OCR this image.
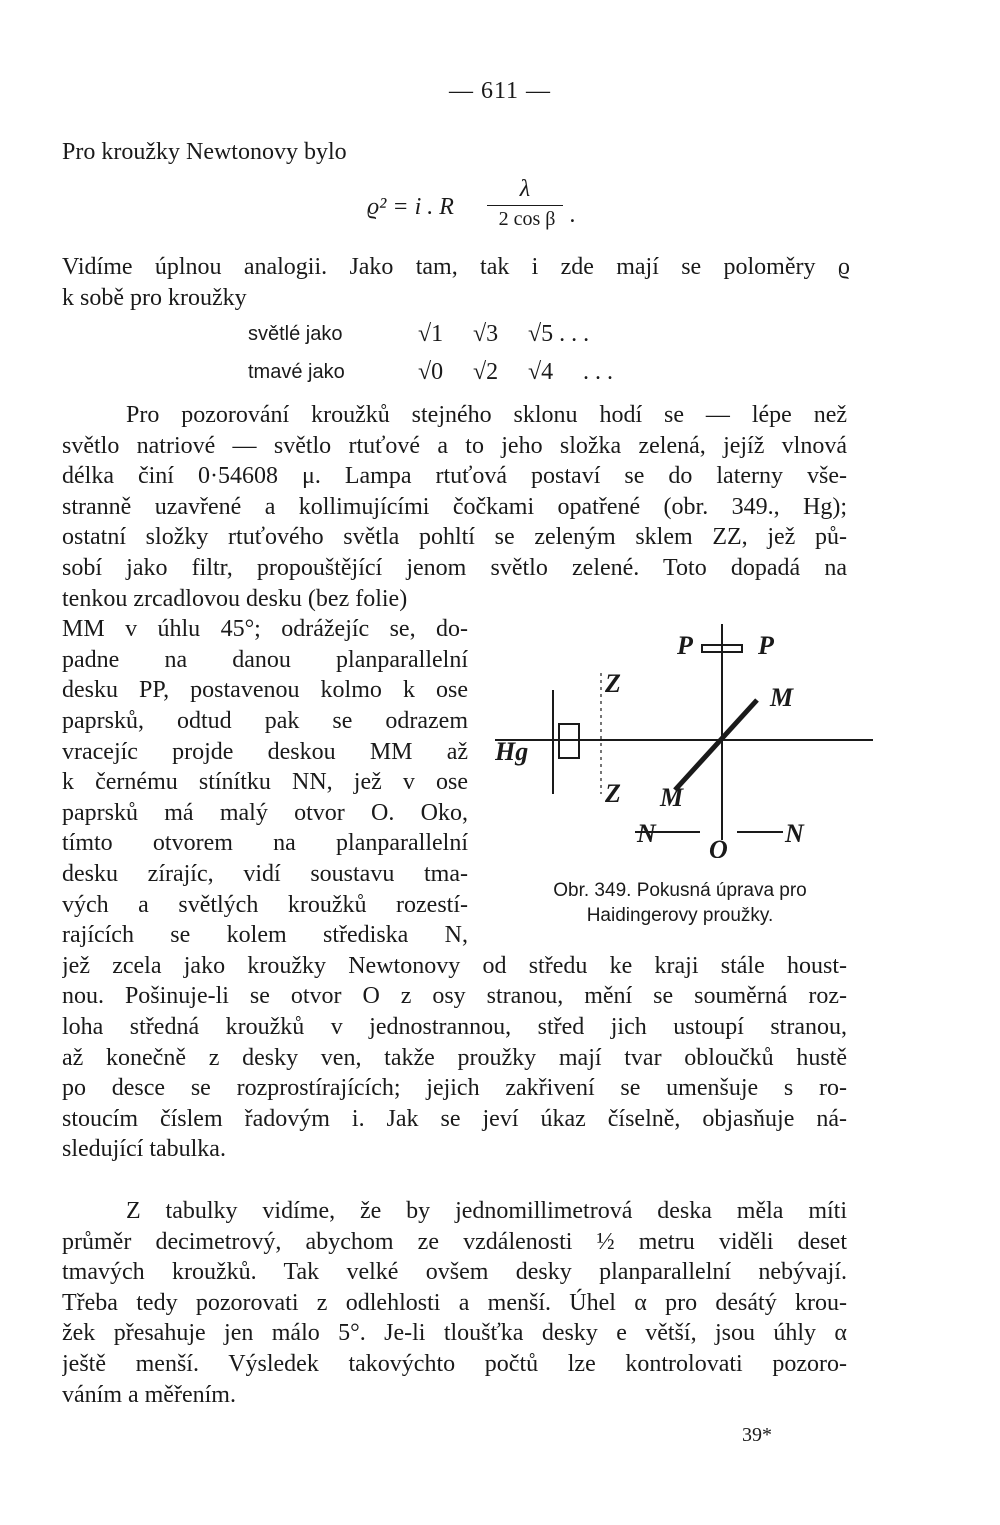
— 611 —
Pro kroužky Newtonovy bylo
ϱ² = i . R
λ
2 cos β .
Vidíme úplnou analogii. Jako tam, tak i zde mají se poloměry ϱ
k sobě pro kroužky
světlé jako	√1	√3	√5 . . .
tmavé jako	√0	√2	√4	. . .
Pro pozorování kroužků stejného sklonu hodí se — lépe než
světlo natriové — světlo rtuťové a to jeho složka zelená, jejíž vlnová
délka činí 0·54608 μ. Lampa rtuťová postaví se do laterny vše-
stranně uzavřené a kollimujícími čočkami opatřené (obr. 349., Hg);
ostatní složky rtuťového světla pohltí se zeleným sklem ZZ, jež pů-
sobí jako filtr, propouštějící jenom světlo zelené. Toto dopadá na
tenkou zrcadlovou desku (bez folie)
MM v úhlu 45°; odrážejíc se, do-
padne na danou planparallelní
desku PP, postavenou kolmo k ose
paprsků, odtud pak se odrazem
vracejíc projde deskou MM až
k černému stínítku NN, jež v ose
paprsků má malý otvor O. Oko,
tímto otvorem na planparallelní
desku zírajíc, vidí soustavu tma-
vých a světlých kroužků rozestí-
rajících se kolem střediska N,
jež zcela jako kroužky Newtonovy od středu ke kraji stále houst-
nou. Pošinuje-li se otvor O z osy stranou, mění se souměrná roz-
loha středná kroužků v jednostrannou, střed jich ustoupí stranou,
až konečně z desky ven, takže proužky mají tvar obloučků hustě
po desce se rozprostírajících; jejich zakřivení se umenšuje s ro-
stoucím číslem řadovým i. Jak se jeví úkaz číselně, objasňuje ná-
sledující tabulka.
Z tabulky vidíme, že by jednomillimetrová deska měla míti
průměr decimetrový, abychom ze vzdálenosti ½ metru viděli deset
tmavých kroužků. Tak velké ovšem desky planparallelní nebývají.
Třeba tedy pozorovati z odlehlosti a menší. Úhel α pro desátý krou-
žek přesahuje jen málo 5°. Je-li tloušťka desky e větší, jsou úhly α
ještě menší. Výsledek takovýchto počtů lze kontrolovati pozoro-
váním a měřením.
P	P
M
Z
Hg
Z M
N
O
N
Obr. 349. Pokusná úprava pro
Haidingerovy proužky.
39*
